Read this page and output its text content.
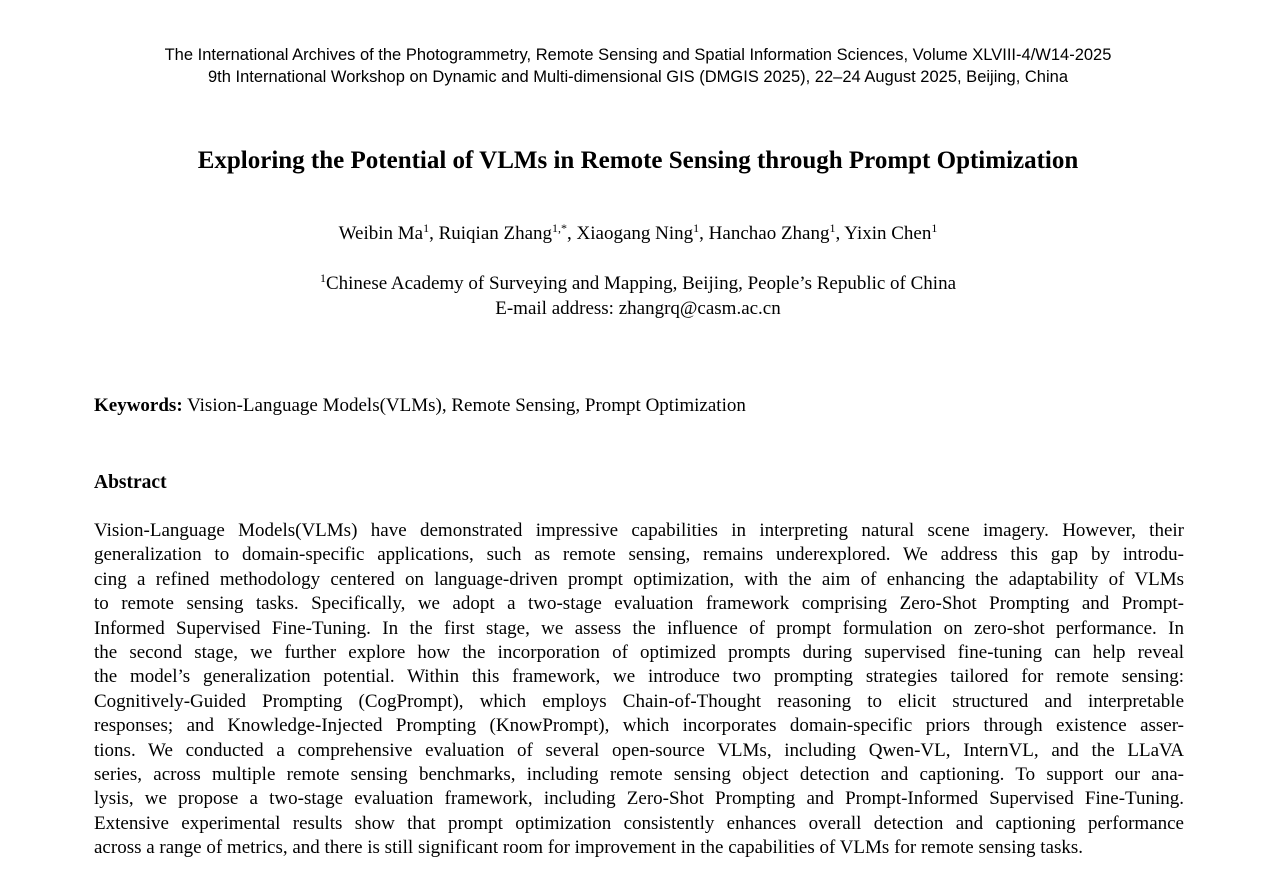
The International Archives of the Photogrammetry, Remote Sensing and Spatial Information Sciences, Volume XLVIII-4/W14-2025
9th International Workshop on Dynamic and Multi-dimensional GIS (DMGIS 2025), 22–24 August 2025, Beijing, China
Exploring the Potential of VLMs in Remote Sensing through Prompt Optimization
Weibin Ma$^1$, Ruiqian Zhang$^{1,*}$, Xiaogang Ning$^1$, Hanchao Zhang$^1$, Yixin Chen$^1$
$^1$Chinese Academy of Surveying and Mapping, Beijing, People’s Republic of China
E-mail address: zhangrq@casm.ac.cn
Keywords: Vision-Language Models(VLMs), Remote Sensing, Prompt Optimization
Abstract
Vision-Language Models(VLMs) have demonstrated impressive capabilities in interpreting natural scene imagery. However, their
generalization to domain-specific applications, such as remote sensing, remains underexplored. We address this gap by introdu-
cing a refined methodology centered on language-driven prompt optimization, with the aim of enhancing the adaptability of VLMs
to remote sensing tasks. Specifically, we adopt a two-stage evaluation framework comprising Zero-Shot Prompting and Prompt-
Informed Supervised Fine-Tuning. In the first stage, we assess the influence of prompt formulation on zero-shot performance. In
the second stage, we further explore how the incorporation of optimized prompts during supervised fine-tuning can help reveal
the model’s generalization potential. Within this framework, we introduce two prompting strategies tailored for remote sensing:
Cognitively-Guided Prompting (CogPrompt), which employs Chain-of-Thought reasoning to elicit structured and interpretable
responses; and Knowledge-Injected Prompting (KnowPrompt), which incorporates domain-specific priors through existence asser-
tions. We conducted a comprehensive evaluation of several open-source VLMs, including Qwen-VL, InternVL, and the LLaVA
series, across multiple remote sensing benchmarks, including remote sensing object detection and captioning. To support our ana-
lysis, we propose a two-stage evaluation framework, including Zero-Shot Prompting and Prompt-Informed Supervised Fine-Tuning.
Extensive experimental results show that prompt optimization consistently enhances overall detection and captioning performance
across a range of metrics, and there is still significant room for improvement in the capabilities of VLMs for remote sensing tasks.
